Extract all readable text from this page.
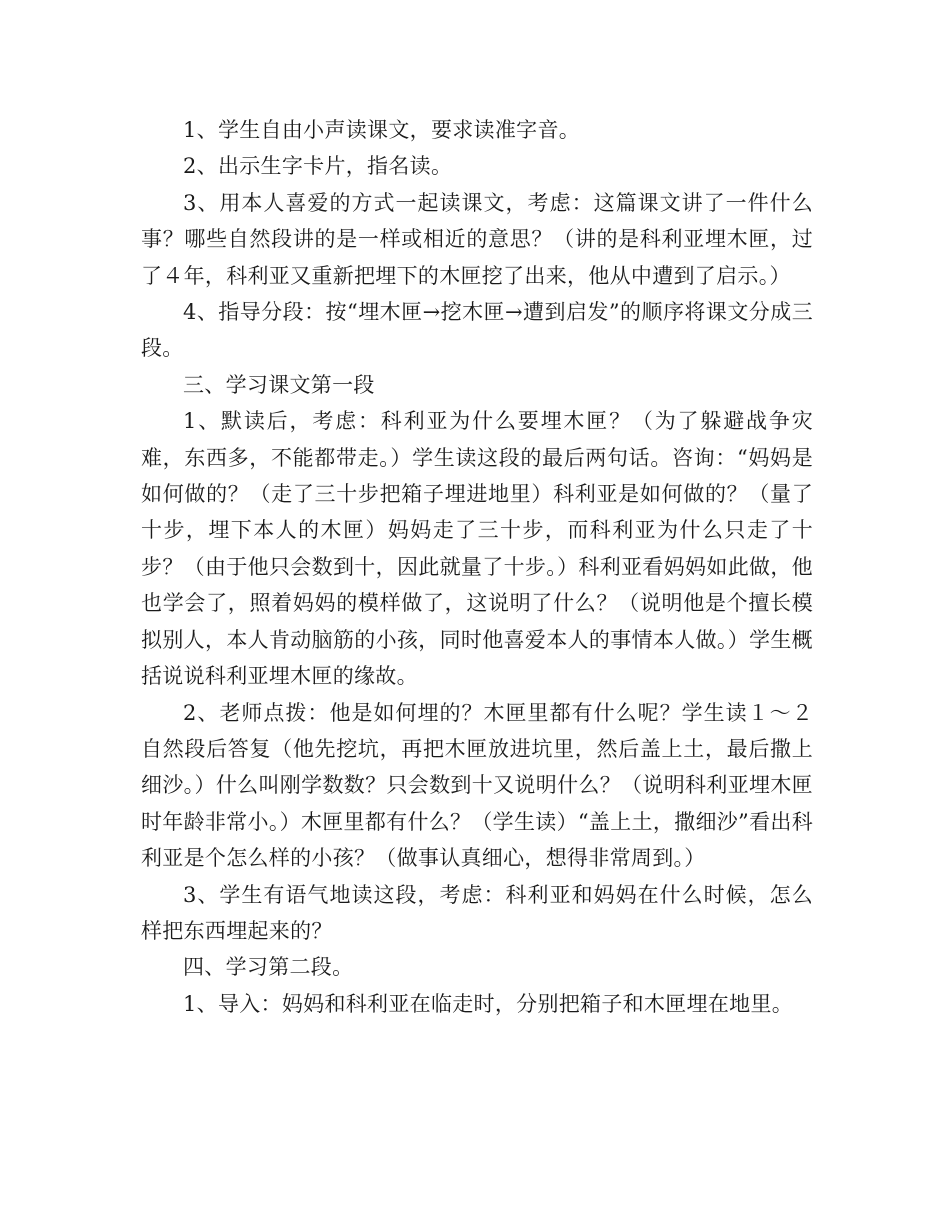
1、学生自由小声读课文，要求读准字音。

2、出示生字卡片，指名读。

3、用本人喜爱的方式一起读课文，考虑：这篇课文讲了一件什么事？哪些自然段讲的是一样或相近的意思？（讲的是科利亚埋木匣，过了４年，科利亚又重新把埋下的木匣挖了出来，他从中遭到了启示。）

4、指导分段：按“埋木匣→挖木匣→遭到启发”的顺序将课文分成三段。

三、学习课文第一段

1、默读后，考虑：科利亚为什么要埋木匣？（为了躲避战争灾难，东西多，不能都带走。）学生读这段的最后两句话。咨询：“妈妈是如何做的？（走了三十步把箱子埋进地里）科利亚是如何做的？（量了十步，埋下本人的木匣）妈妈走了三十步，而科利亚为什么只走了十步？（由于他只会数到十，因此就量了十步。）科利亚看妈妈如此做，他也学会了，照着妈妈的模样做了，这说明了什么？（说明他是个擅长模拟别人，本人肯动脑筋的小孩，同时他喜爱本人的事情本人做。）学生概括说说科利亚埋木匣的缘故。

2、老师点拨：他是如何埋的？木匣里都有什么呢？学生读１～２自然段后答复（他先挖坑，再把木匣放进坑里，然后盖上土，最后撒上细沙。）什么叫刚学数数？只会数到十又说明什么？（说明科利亚埋木匣时年龄非常小。）木匣里都有什么？（学生读）“盖上土，撒细沙”看出科利亚是个怎么样的小孩？（做事认真细心，想得非常周到。）

3、学生有语气地读这段，考虑：科利亚和妈妈在什么时候，怎么样把东西埋起来的？

四、学习第二段。

1、导入：妈妈和科利亚在临走时，分别把箱子和木匣埋在地里。
